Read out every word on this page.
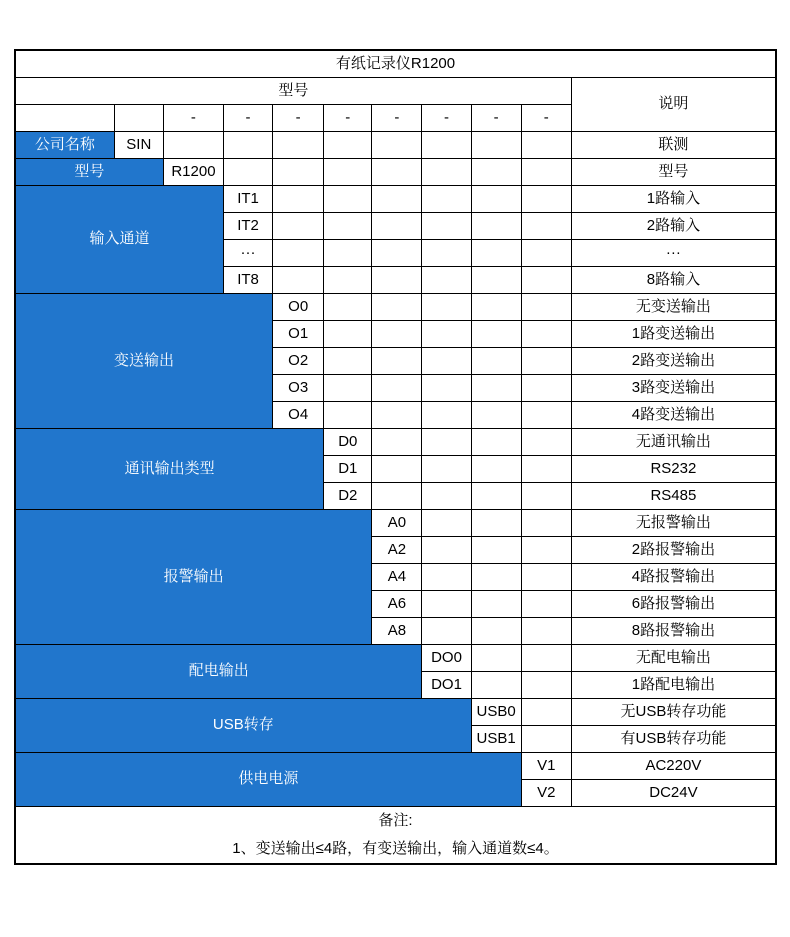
有纸记录仪R1200										
型号										说明
		-	-	-	-	-	-	-	-	
公司名称	SIN									联测
型号		R1200								型号
输入通道			IT1							1路输入
			IT2							2路输入
			···							···
			IT8							8路输入
变送输出				O0						无变送输出
				O1						1路变送输出
				O2						2路变送输出
				O3						3路变送输出
				O4						4路变送输出
通讯输出类型					D0					无通讯输出
					D1					RS232
					D2					RS485
报警输出						A0				无报警输出
						A2				2路报警输出
						A4				4路报警输出
						A6				6路报警输出
						A8				8路报警输出
配电输出							DO0			无配电输出
							DO1			1路配电输出
USB转存								USB0		无USB转存功能
								USB1		有USB转存功能
供电电源									V1	AC220V
									V2	DC24V

备注:
1、变送输出≤4路，有变送输出，输入通道数≤4。										
